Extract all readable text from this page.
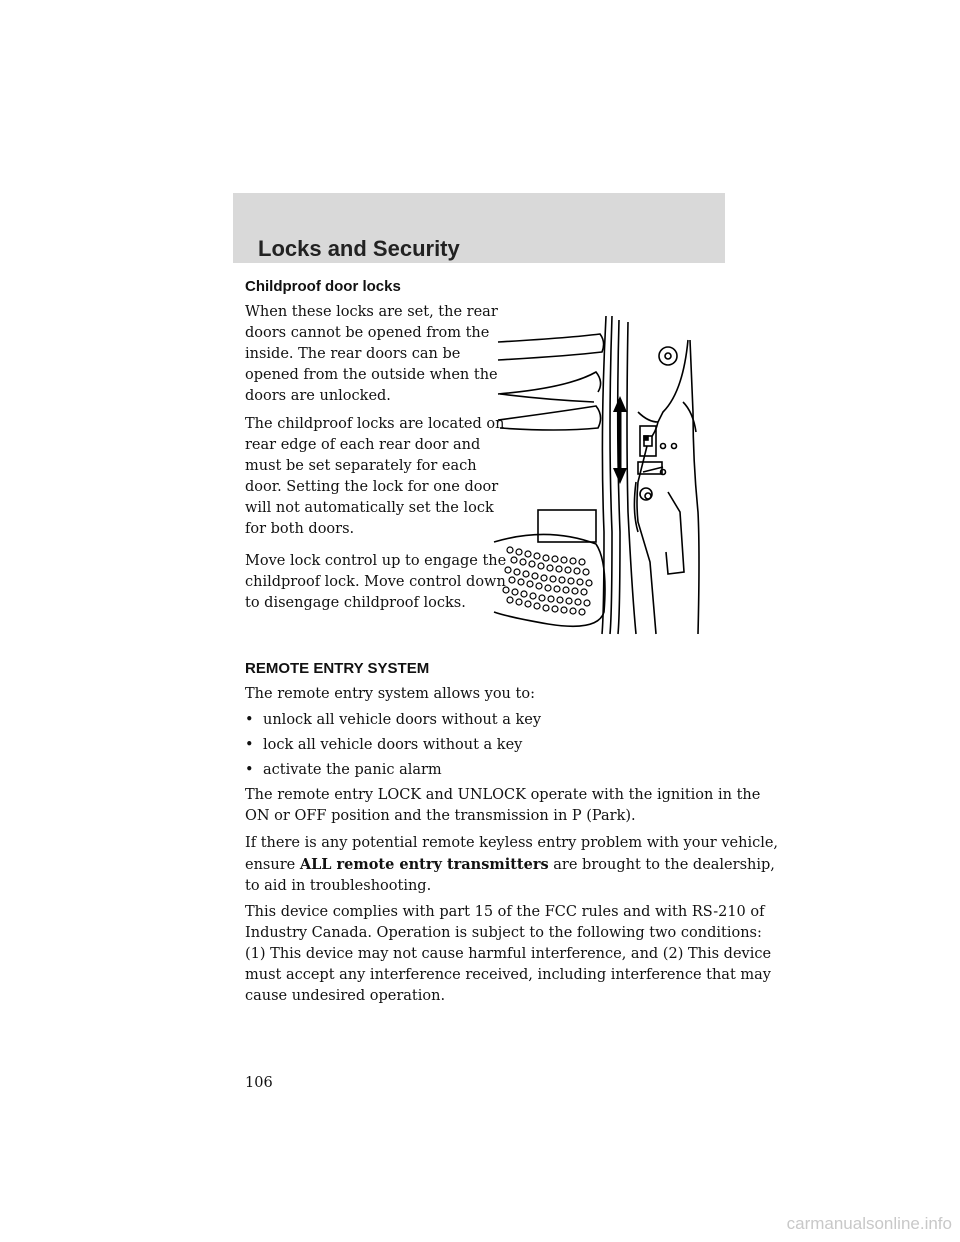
Locks and Security
Childproof door locks
When these locks are set, the rear
doors cannot be opened from the
inside. The rear doors can be
opened from the outside when the
doors are unlocked.
The childproof locks are located on
rear edge of each rear door and
must be set separately for each
door. Setting the lock for one door
will not automatically set the lock
for both doors.
Move lock control up to engage the
childproof lock. Move control down
to disengage childproof locks.
REMOTE ENTRY SYSTEM
The remote entry system allows you to:
• unlock all vehicle doors without a key
• lock all vehicle doors without a key
• activate the panic alarm
The remote entry LOCK and UNLOCK operate with the ignition in the
ON or OFF position and the transmission in P (Park).
If there is any potential remote keyless entry problem with your vehicle,
ensure ALL remote entry transmitters are brought to the dealership,
to aid in troubleshooting.
This device complies with part 15 of the FCC rules and with RS-210 of
Industry Canada. Operation is subject to the following two conditions:
(1) This device may not cause harmful interference, and (2) This device
must accept any interference received, including interference that may
cause undesired operation.
106
carmanualsonline.info
